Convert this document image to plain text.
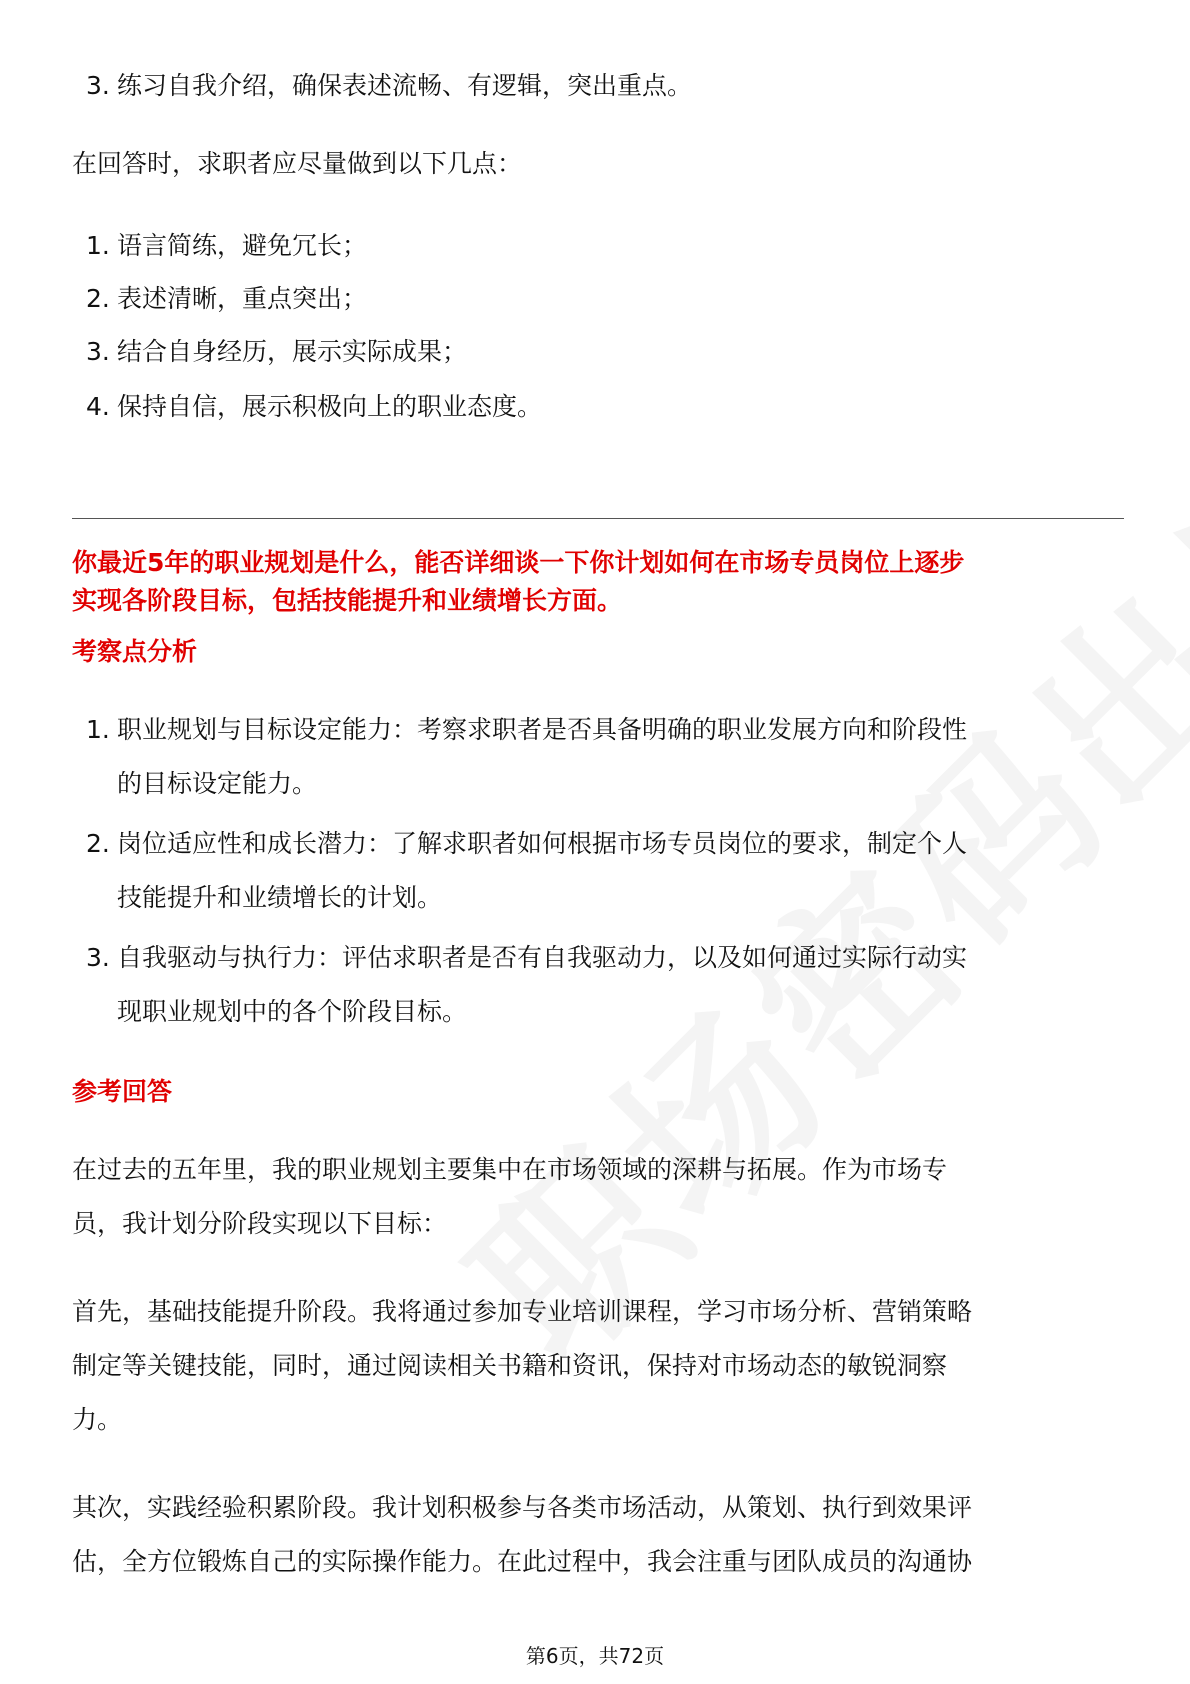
3. 练习自我介绍，确保表述流畅、有逻辑，突出重点。
在回答时，求职者应尽量做到以下几点：
1. 语言简练，避免冗长；
2. 表述清晰，重点突出；
3. 结合自身经历，展示实际成果；
4. 保持自信，展示积极向上的职业态度。
你最近5年的职业规划是什么，能否详细谈一下你计划如何在市场专员岗位上逐步
实现各阶段目标，包括技能提升和业绩增长方面。
考察点分析
1. 职业规划与目标设定能力：考察求职者是否具备明确的职业发展方向和阶段性
的目标设定能力。
2. 岗位适应性和成长潜力：了解求职者如何根据市场专员岗位的要求，制定个人
技能提升和业绩增长的计划。
3. 自我驱动与执行力：评估求职者是否有自我驱动力，以及如何通过实际行动实
现职业规划中的各个阶段目标。
参考回答
在过去的五年里，我的职业规划主要集中在市场领域的深耕与拓展。作为市场专
员，我计划分阶段实现以下目标：
首先，基础技能提升阶段。我将通过参加专业培训课程，学习市场分析、营销策略
制定等关键技能，同时，通过阅读相关书籍和资讯，保持对市场动态的敏锐洞察
力。
其次，实践经验积累阶段。我计划积极参与各类市场活动，从策划、执行到效果评
估，全方位锻炼自己的实际操作能力。在此过程中，我会注重与团队成员的沟通协
第6页，共72页
